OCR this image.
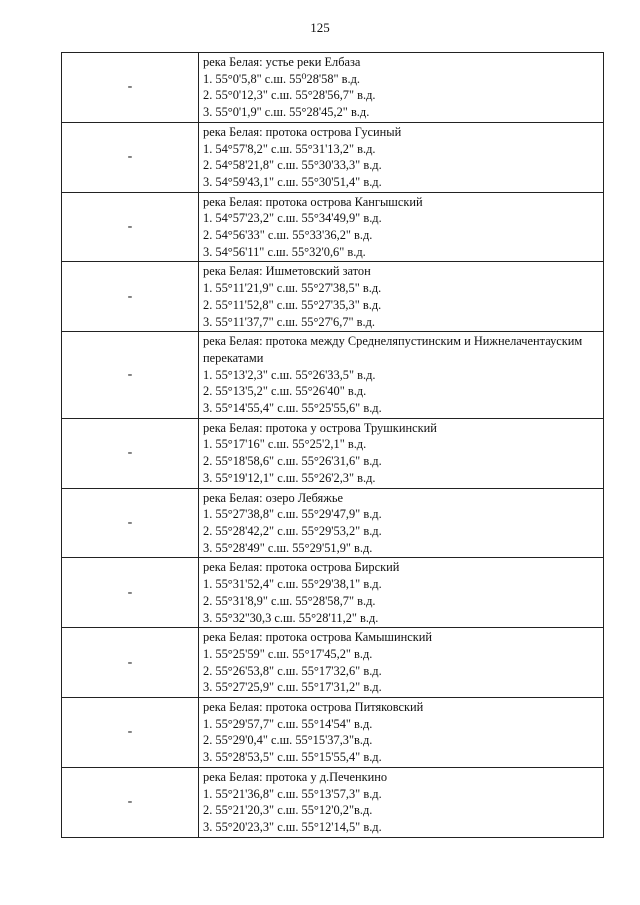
125
-	река Белая: устье реки Елбаза
1. 55°0'5,8" с.ш. 55⁰28'58" в.д.
2. 55°0'12,3" с.ш. 55°28'56,7" в.д.
3. 55°0'1,9" с.ш. 55°28'45,2" в.д.

-	река Белая: протока острова Гусиный
1. 54°57'8,2" с.ш. 55°31'13,2" в.д.
2. 54°58'21,8" с.ш. 55°30'33,3" в.д.
3. 54°59'43,1" с.ш. 55°30'51,4" в.д.

-	река Белая: протока острова Кангышский
1. 54°57'23,2" с.ш. 55°34'49,9" в.д.
2. 54°56'33" с.ш. 55°33'36,2" в.д.
3. 54°56'11" с.ш. 55°32'0,6" в.д.

-	река Белая: Ишметовский затон
1. 55°11'21,9" с.ш. 55°27'38,5" в.д.
2. 55°11'52,8" с.ш. 55°27'35,3" в.д.
3. 55°11'37,7" с.ш. 55°27'6,7" в.д.

-	река Белая: протока между Среднеляпустинским и Нижнелачентауским перекатами
1. 55°13'2,3" с.ш. 55°26'33,5" в.д.
2. 55°13'5,2" с.ш. 55°26'40" в.д.
3. 55°14'55,4" с.ш. 55°25'55,6" в.д.

-	река Белая: протока у острова Трушкинский
1. 55°17'16" с.ш. 55°25'2,1" в.д.
2. 55°18'58,6" с.ш. 55°26'31,6" в.д.
3. 55°19'12,1" с.ш. 55°26'2,3" в.д.

-	река Белая: озеро Лебяжье
1. 55°27'38,8" с.ш. 55°29'47,9" в.д.
2. 55°28'42,2" с.ш. 55°29'53,2" в.д.
3. 55°28'49" с.ш. 55°29'51,9" в.д.

-	река Белая: протока острова Бирский
1. 55°31'52,4" с.ш. 55°29'38,1" в.д.
2. 55°31'8,9" с.ш. 55°28'58,7" в.д.
3. 55°32''30,3 с.ш. 55°28'11,2" в.д.

-	река Белая: протока острова Камышинский
1. 55°25'59" с.ш. 55°17'45,2" в.д.
2. 55°26'53,8" с.ш. 55°17'32,6" в.д.
3. 55°27'25,9" с.ш. 55°17'31,2" в.д.

-	река Белая: протока острова Питяковский
1. 55°29'57,7" с.ш. 55°14'54" в.д.
2. 55°29'0,4" с.ш. 55°15'37,3"в.д.
3. 55°28'53,5" с.ш. 55°15'55,4" в.д.

-	река Белая: протока у д.Печенкино
1. 55°21'36,8" с.ш. 55°13'57,3" в.д.
2. 55°21'20,3" с.ш. 55°12'0,2"в.д.
3. 55°20'23,3" с.ш. 55°12'14,5" в.д.
